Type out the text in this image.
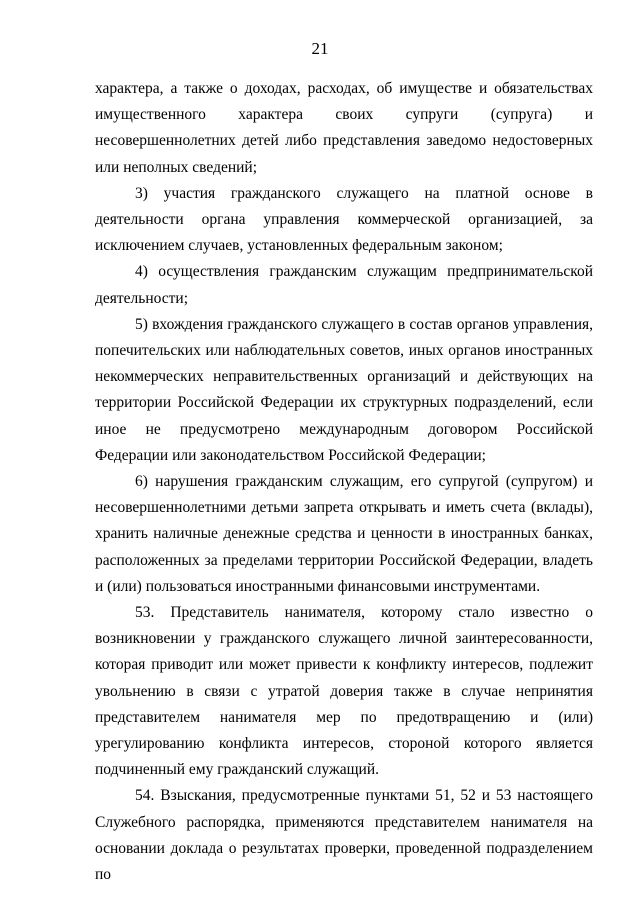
21

характера, а также о доходах, расходах, об имуществе и обязательствах имущественного характера своих супруги (супруга) и несовершеннолетних детей либо представления заведомо недостоверных или неполных сведений;

3) участия гражданского служащего на платной основе в деятельности органа управления коммерческой организацией, за исключением случаев, установленных федеральным законом;

4) осуществления гражданским служащим предпринимательской деятельности;

5) вхождения гражданского служащего в состав органов управления, попечительских или наблюдательных советов, иных органов иностранных некоммерческих неправительственных организаций и действующих на территории Российской Федерации их структурных подразделений, если иное не предусмотрено международным договором Российской Федерации или законодательством Российской Федерации;

6) нарушения гражданским служащим, его супругой (супругом) и несовершеннолетними детьми запрета открывать и иметь счета (вклады), хранить наличные денежные средства и ценности в иностранных банках, расположенных за пределами территории Российской Федерации, владеть и (или) пользоваться иностранными финансовыми инструментами.

53. Представитель нанимателя, которому стало известно о возникновении у гражданского служащего личной заинтересованности, которая приводит или может привести к конфликту интересов, подлежит увольнению в связи с утратой доверия также в случае непринятия представителем нанимателя мер по предотвращению и (или) урегулированию конфликта интересов, стороной которого является подчиненный ему гражданский служащий.

54. Взыскания, предусмотренные пунктами 51, 52 и 53 настоящего Служебного распорядка, применяются представителем нанимателя на основании доклада о результатах проверки, проведенной подразделением по
